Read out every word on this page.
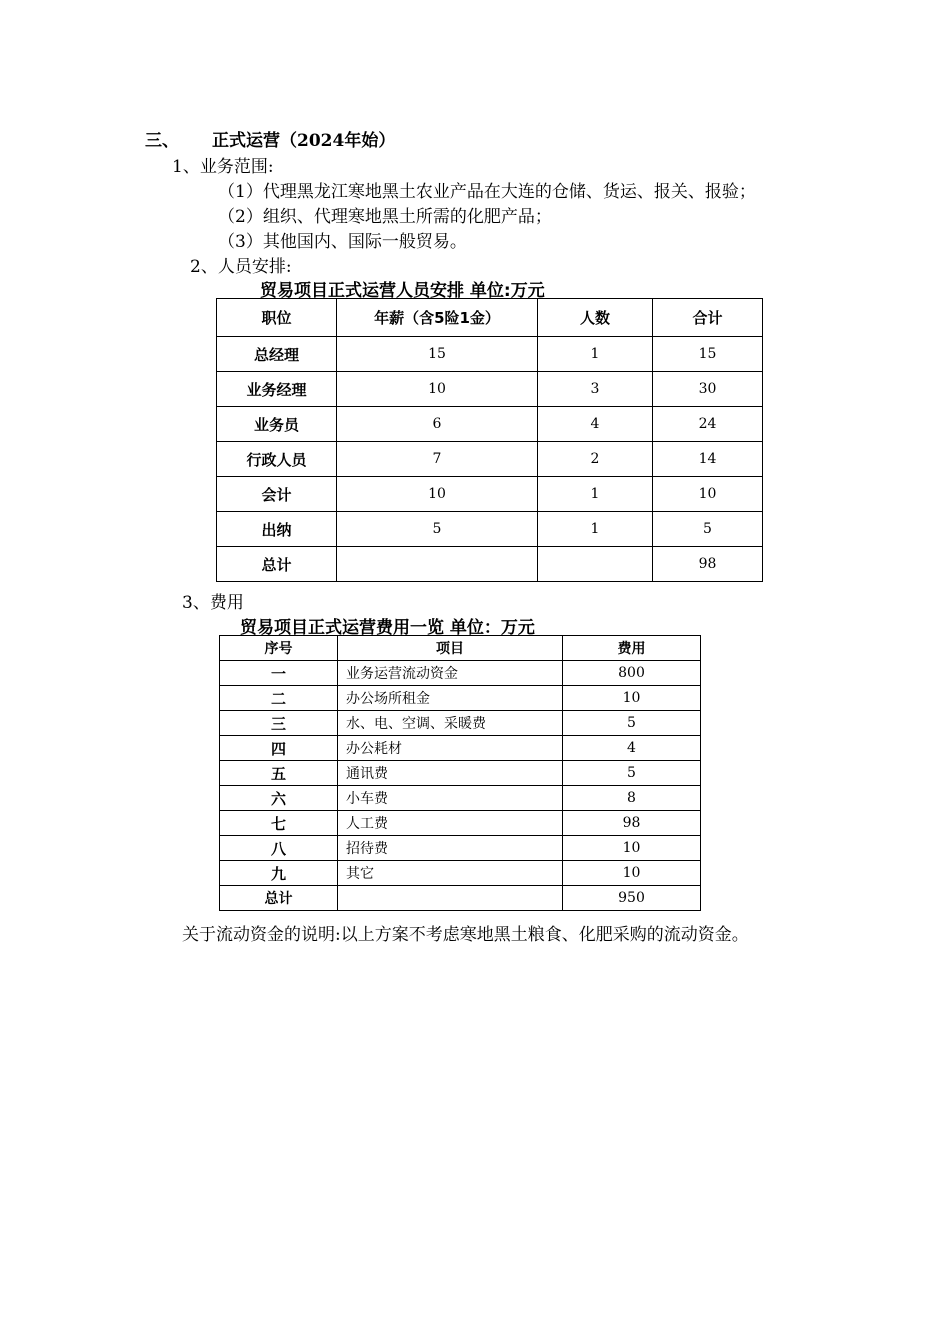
三、 正式运营（2024年始）
1、业务范围:
（1）代理黑龙江寒地黑土农业产品在大连的仓储、货运、报关、报验；
（2）组织、代理寒地黑土所需的化肥产品；
（3）其他国内、国际一般贸易。
2、人员安排:
贸易项目正式运营人员安排 单位:万元
职位	年薪（含5险1金）	人数	合计
总经理	15	1	15
业务经理	10	3	30
业务员	6	4	24
行政人员	7	2	14
会计	10	1	10
出纳	5	1	5
总计			98
3、费用
贸易项目正式运营费用一览 单位：万元
序号	项目	费用
一	业务运营流动资金	800
二	办公场所租金	10
三	水、电、空调、采暖费	5
四	办公耗材	4
五	通讯费	5
六	小车费	8
七	人工费	98
八	招待费	10
九	其它	10
总计		950
关于流动资金的说明:以上方案不考虑寒地黑土粮食、化肥采购的流动资金。
